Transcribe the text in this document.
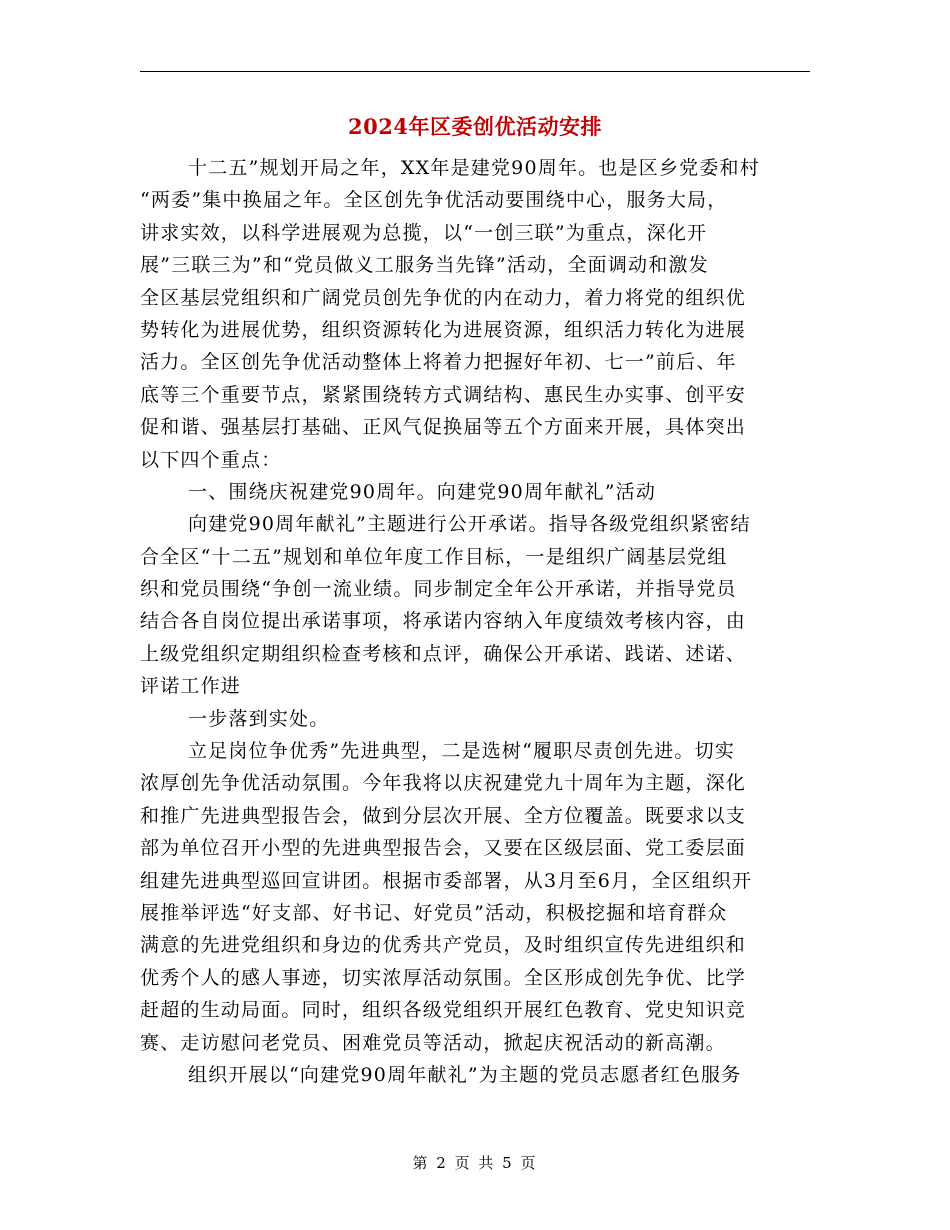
2024年区委创优活动安排
十二五”规划开局之年，XX年是建党90周年。也是区乡党委和村
“两委”集中换届之年。全区创先争优活动要围绕中心，服务大局，
讲求实效，以科学进展观为总揽，以“一创三联”为重点，深化开
展”三联三为”和“党员做义工服务当先锋”活动，全面调动和激发
全区基层党组织和广阔党员创先争优的内在动力，着力将党的组织优
势转化为进展优势，组织资源转化为进展资源，组织活力转化为进展
活力。全区创先争优活动整体上将着力把握好年初、七一”前后、年
底等三个重要节点，紧紧围绕转方式调结构、惠民生办实事、创平安
促和谐、强基层打基础、正风气促换届等五个方面来开展，具体突出
以下四个重点：
一、围绕庆祝建党90周年。向建党90周年献礼”活动
向建党90周年献礼”主题进行公开承诺。指导各级党组织紧密结
合全区“十二五”规划和单位年度工作目标，一是组织广阔基层党组
织和党员围绕“争创一流业绩。同步制定全年公开承诺，并指导党员
结合各自岗位提出承诺事项，将承诺内容纳入年度绩效考核内容，由
上级党组织定期组织检查考核和点评，确保公开承诺、践诺、述诺、
评诺工作进
一步落到实处。
立足岗位争优秀”先进典型，二是选树“履职尽责创先进。切实
浓厚创先争优活动氛围。今年我将以庆祝建党九十周年为主题，深化
和推广先进典型报告会，做到分层次开展、全方位覆盖。既要求以支
部为单位召开小型的先进典型报告会，又要在区级层面、党工委层面
组建先进典型巡回宣讲团。根据市委部署，从3月至6月，全区组织开
展推举评选“好支部、好书记、好党员”活动，积极挖掘和培育群众
满意的先进党组织和身边的优秀共产党员，及时组织宣传先进组织和
优秀个人的感人事迹，切实浓厚活动氛围。全区形成创先争优、比学
赶超的生动局面。同时，组织各级党组织开展红色教育、党史知识竞
赛、走访慰问老党员、困难党员等活动，掀起庆祝活动的新高潮。
组织开展以“向建党90周年献礼”为主题的党员志愿者红色服务
第 2 页 共 5 页
